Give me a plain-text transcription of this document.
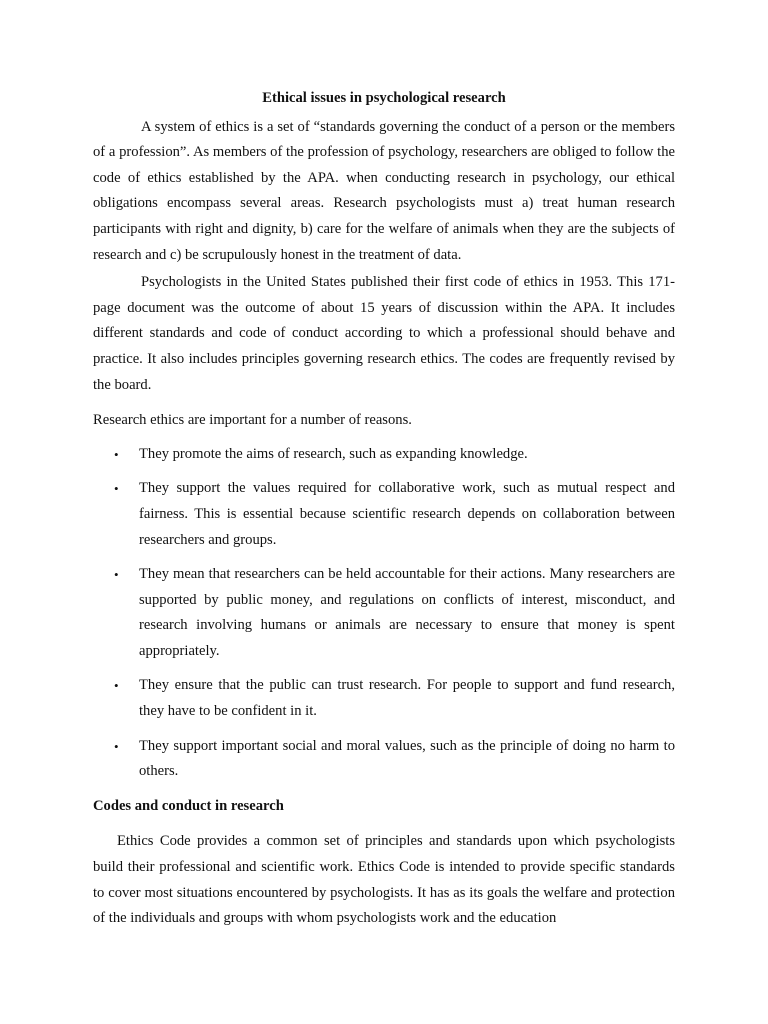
Ethical issues in psychological research

A system of ethics is a set of “standards governing the conduct of a person or the members of a profession”. As members of the profession of psychology, researchers are obliged to follow the code of ethics established by the APA. when conducting research in psychology, our ethical obligations encompass several areas. Research psychologists must a) treat human research participants with right and dignity, b) care for the welfare of animals when they are the subjects of research and c) be scrupulously honest in the treatment of data.

Psychologists in the United States published their first code of ethics in 1953. This 171-page document was the outcome of about 15 years of discussion within the APA. It includes different standards and code of conduct according to which a professional should behave and practice. It also includes principles governing research ethics. The codes are frequently revised by the board.

Research ethics are important for a number of reasons.

• They promote the aims of research, such as expanding knowledge.
• They support the values required for collaborative work, such as mutual respect and fairness. This is essential because scientific research depends on collaboration between researchers and groups.
• They mean that researchers can be held accountable for their actions. Many researchers are supported by public money, and regulations on conflicts of interest, misconduct, and research involving humans or animals are necessary to ensure that money is spent appropriately.
• They ensure that the public can trust research. For people to support and fund research, they have to be confident in it.
• They support important social and moral values, such as the principle of doing no harm to others.

Codes and conduct in research

Ethics Code provides a common set of principles and standards upon which psychologists build their professional and scientific work. Ethics Code is intended to provide specific standards to cover most situations encountered by psychologists. It has as its goals the welfare and protection of the individuals and groups with whom psychologists work and the education
